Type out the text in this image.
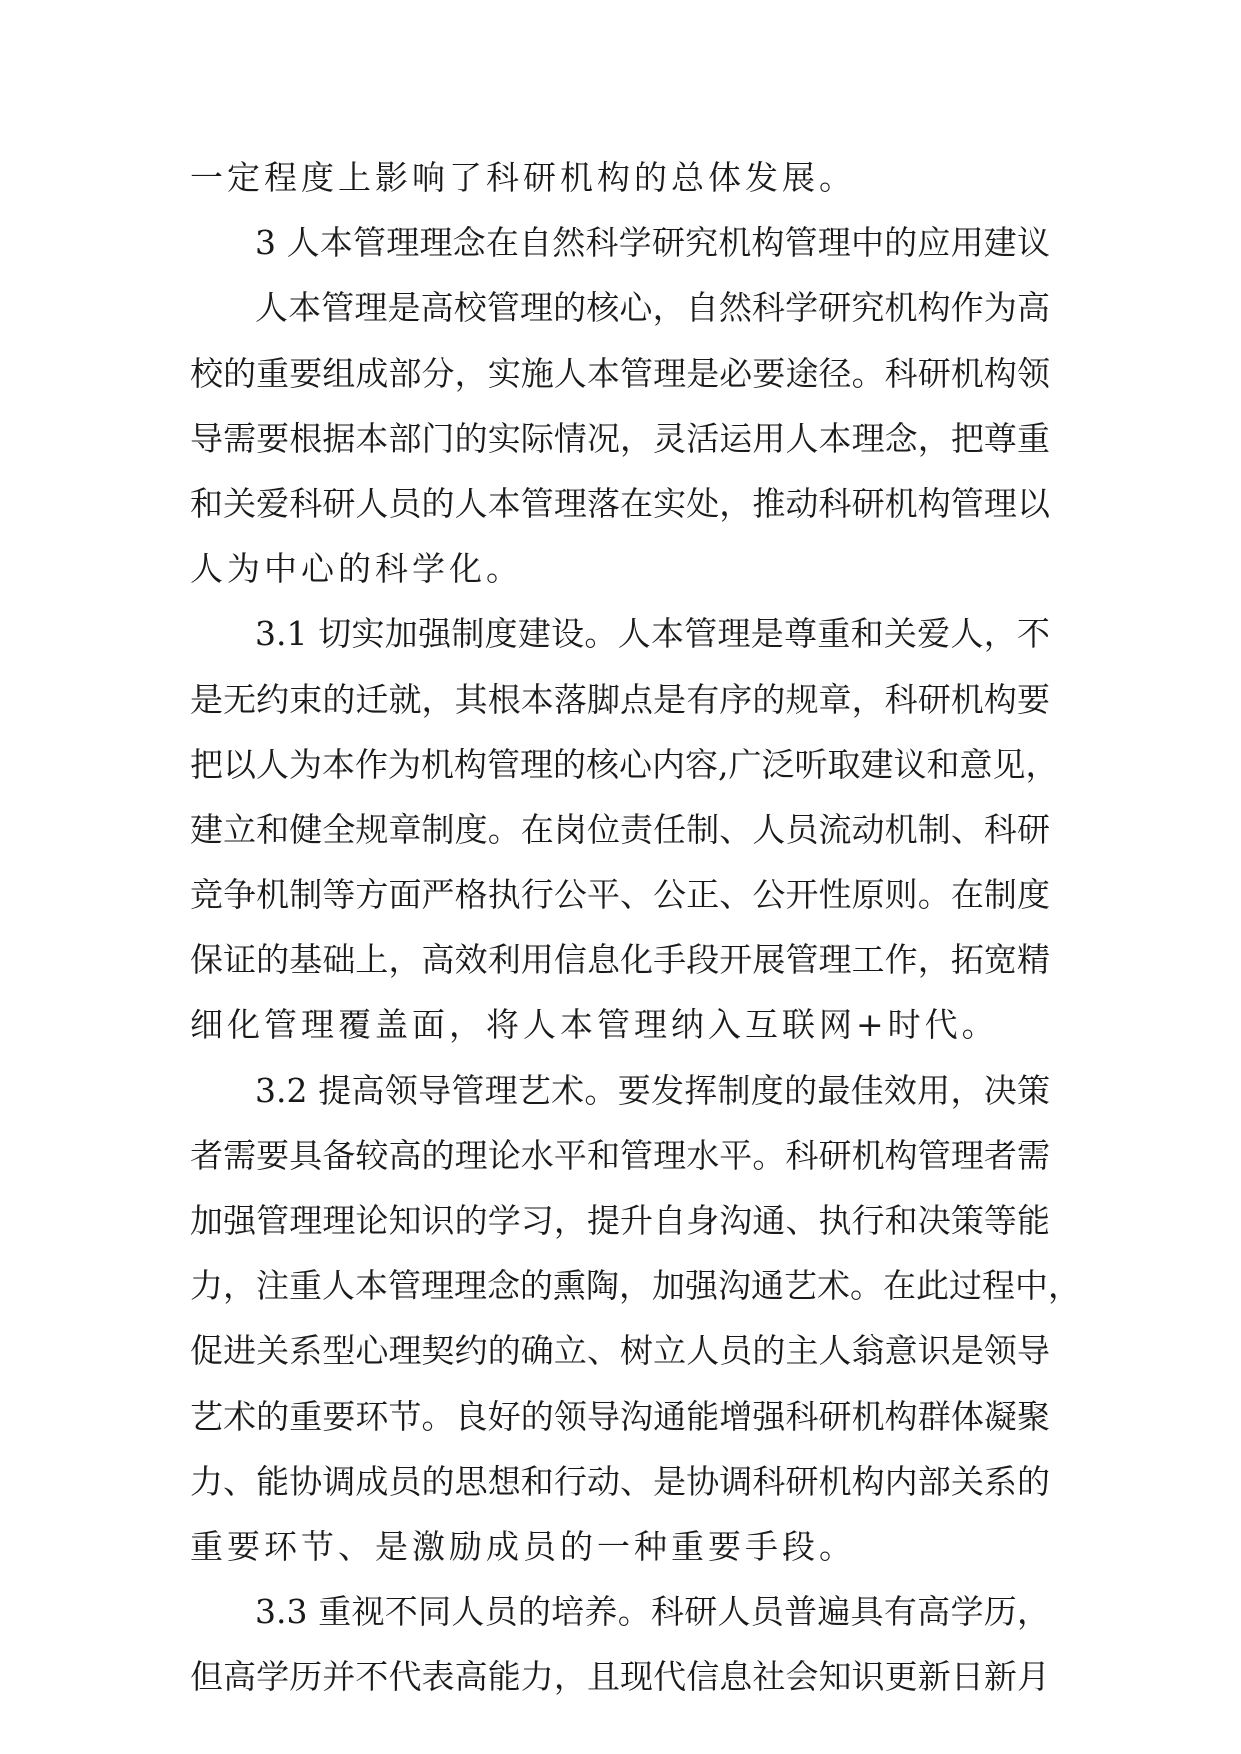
一定程度上影响了科研机构的总体发展。
3 人本管理理念在自然科学研究机构管理中的应用建议
人本管理是高校管理的核心，自然科学研究机构作为高
校的重要组成部分，实施人本管理是必要途径。科研机构领
导需要根据本部门的实际情况，灵活运用人本理念，把尊重
和关爱科研人员的人本管理落在实处，推动科研机构管理以
人为中心的科学化。
3.1 切实加强制度建设。人本管理是尊重和关爱人，不
是无约束的迁就，其根本落脚点是有序的规章，科研机构要
把以人为本作为机构管理的核心内容,广泛听取建议和意见，
建立和健全规章制度。在岗位责任制、人员流动机制、科研
竞争机制等方面严格执行公平、公正、公开性原则。在制度
保证的基础上，高效利用信息化手段开展管理工作，拓宽精
细化管理覆盖面，将人本管理纳入互联网+时代。
3.2 提高领导管理艺术。要发挥制度的最佳效用，决策
者需要具备较高的理论水平和管理水平。科研机构管理者需
加强管理理论知识的学习，提升自身沟通、执行和决策等能
力，注重人本管理理念的熏陶，加强沟通艺术。在此过程中，
促进关系型心理契约的确立、树立人员的主人翁意识是领导
艺术的重要环节。良好的领导沟通能增强科研机构群体凝聚
力、能协调成员的思想和行动、是协调科研机构内部关系的
重要环节、是激励成员的一种重要手段。
3.3 重视不同人员的培养。科研人员普遍具有高学历，
但高学历并不代表高能力，且现代信息社会知识更新日新月
